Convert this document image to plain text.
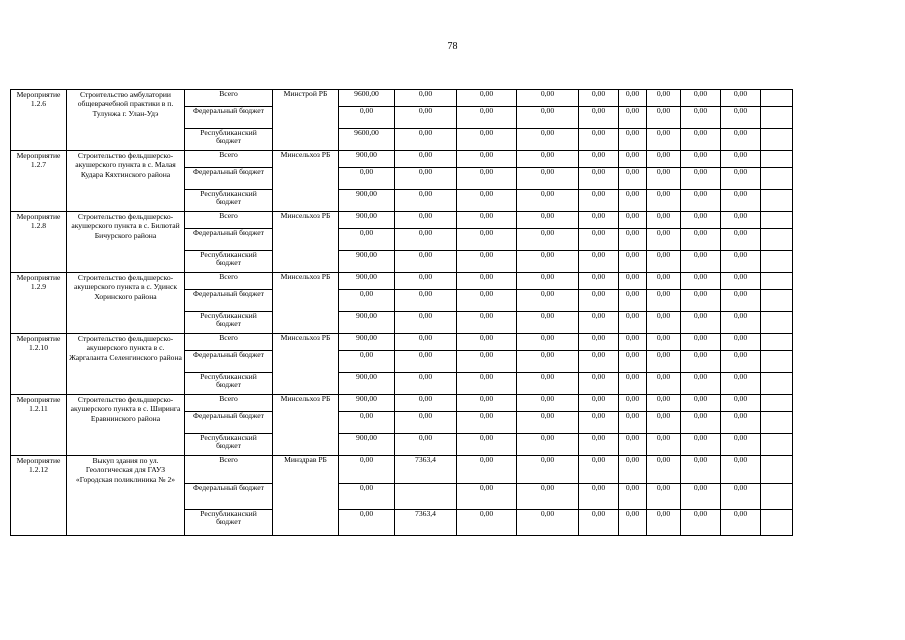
78
Мероприятие 1.2.6	Строительство амбулатории общеврачебной практики в п. Тулунжа г. Улан-Удэ	Всего	Минстрой РБ	9600,00	0,00	0,00	0,00	0,00	0,00	0,00	0,00	0,00	
		Федеральный бюджет		0,00	0,00	0,00	0,00	0,00	0,00	0,00	0,00	0,00	
		Республиканский бюджет		9600,00	0,00	0,00	0,00	0,00	0,00	0,00	0,00	0,00	
Мероприятие 1.2.7	Строительство фельдшерско-акушерского пункта в с. Малая Кудара Кяхтинского района	Всего	Минсельхоз РБ	900,00	0,00	0,00	0,00	0,00	0,00	0,00	0,00	0,00	
		Федеральный бюджет		0,00	0,00	0,00	0,00	0,00	0,00	0,00	0,00	0,00	
		Республиканский бюджет		900,00	0,00	0,00	0,00	0,00	0,00	0,00	0,00	0,00	
Мероприятие 1.2.8	Строительство фельдшерско-акушерского пункта в с. Билютай Бичурского района	Всего	Минсельхоз РБ	900,00	0,00	0,00	0,00	0,00	0,00	0,00	0,00	0,00	
		Федеральный бюджет		0,00	0,00	0,00	0,00	0,00	0,00	0,00	0,00	0,00	
		Республиканский бюджет		900,00	0,00	0,00	0,00	0,00	0,00	0,00	0,00	0,00	
Мероприятие 1.2.9	Строительство фельдшерско-акушерского пункта в с. Удинск Хоринского района	Всего	Минсельхоз РБ	900,00	0,00	0,00	0,00	0,00	0,00	0,00	0,00	0,00	
		Федеральный бюджет		0,00	0,00	0,00	0,00	0,00	0,00	0,00	0,00	0,00	
		Республиканский бюджет		900,00	0,00	0,00	0,00	0,00	0,00	0,00	0,00	0,00	
Мероприятие 1.2.10	Строительство фельдшерско-акушерского пункта в с. Жаргаланта Селенгинского района	Всего	Минсельхоз РБ	900,00	0,00	0,00	0,00	0,00	0,00	0,00	0,00	0,00	
		Федеральный бюджет		0,00	0,00	0,00	0,00	0,00	0,00	0,00	0,00	0,00	
		Республиканский бюджет		900,00	0,00	0,00	0,00	0,00	0,00	0,00	0,00	0,00	
Мероприятие 1.2.11	Строительство фельдшерско-акушерского пункта в с. Ширинга Еравнинского района	Всего	Минсельхоз РБ	900,00	0,00	0,00	0,00	0,00	0,00	0,00	0,00	0,00	
		Федеральный бюджет		0,00	0,00	0,00	0,00	0,00	0,00	0,00	0,00	0,00	
		Республиканский бюджет		900,00	0,00	0,00	0,00	0,00	0,00	0,00	0,00	0,00	
Мероприятие 1.2.12	Выкуп здания по ул. Геологическая для ГАУЗ «Городская поликлиника № 2»	Всего	Минздрав РБ	0,00	7363,4	0,00	0,00	0,00	0,00	0,00	0,00	0,00	
		Федеральный бюджет		0,00		0,00	0,00	0,00	0,00	0,00	0,00	0,00	
		Республиканский бюджет		0,00	7363,4	0,00	0,00	0,00	0,00	0,00	0,00	0,00	
